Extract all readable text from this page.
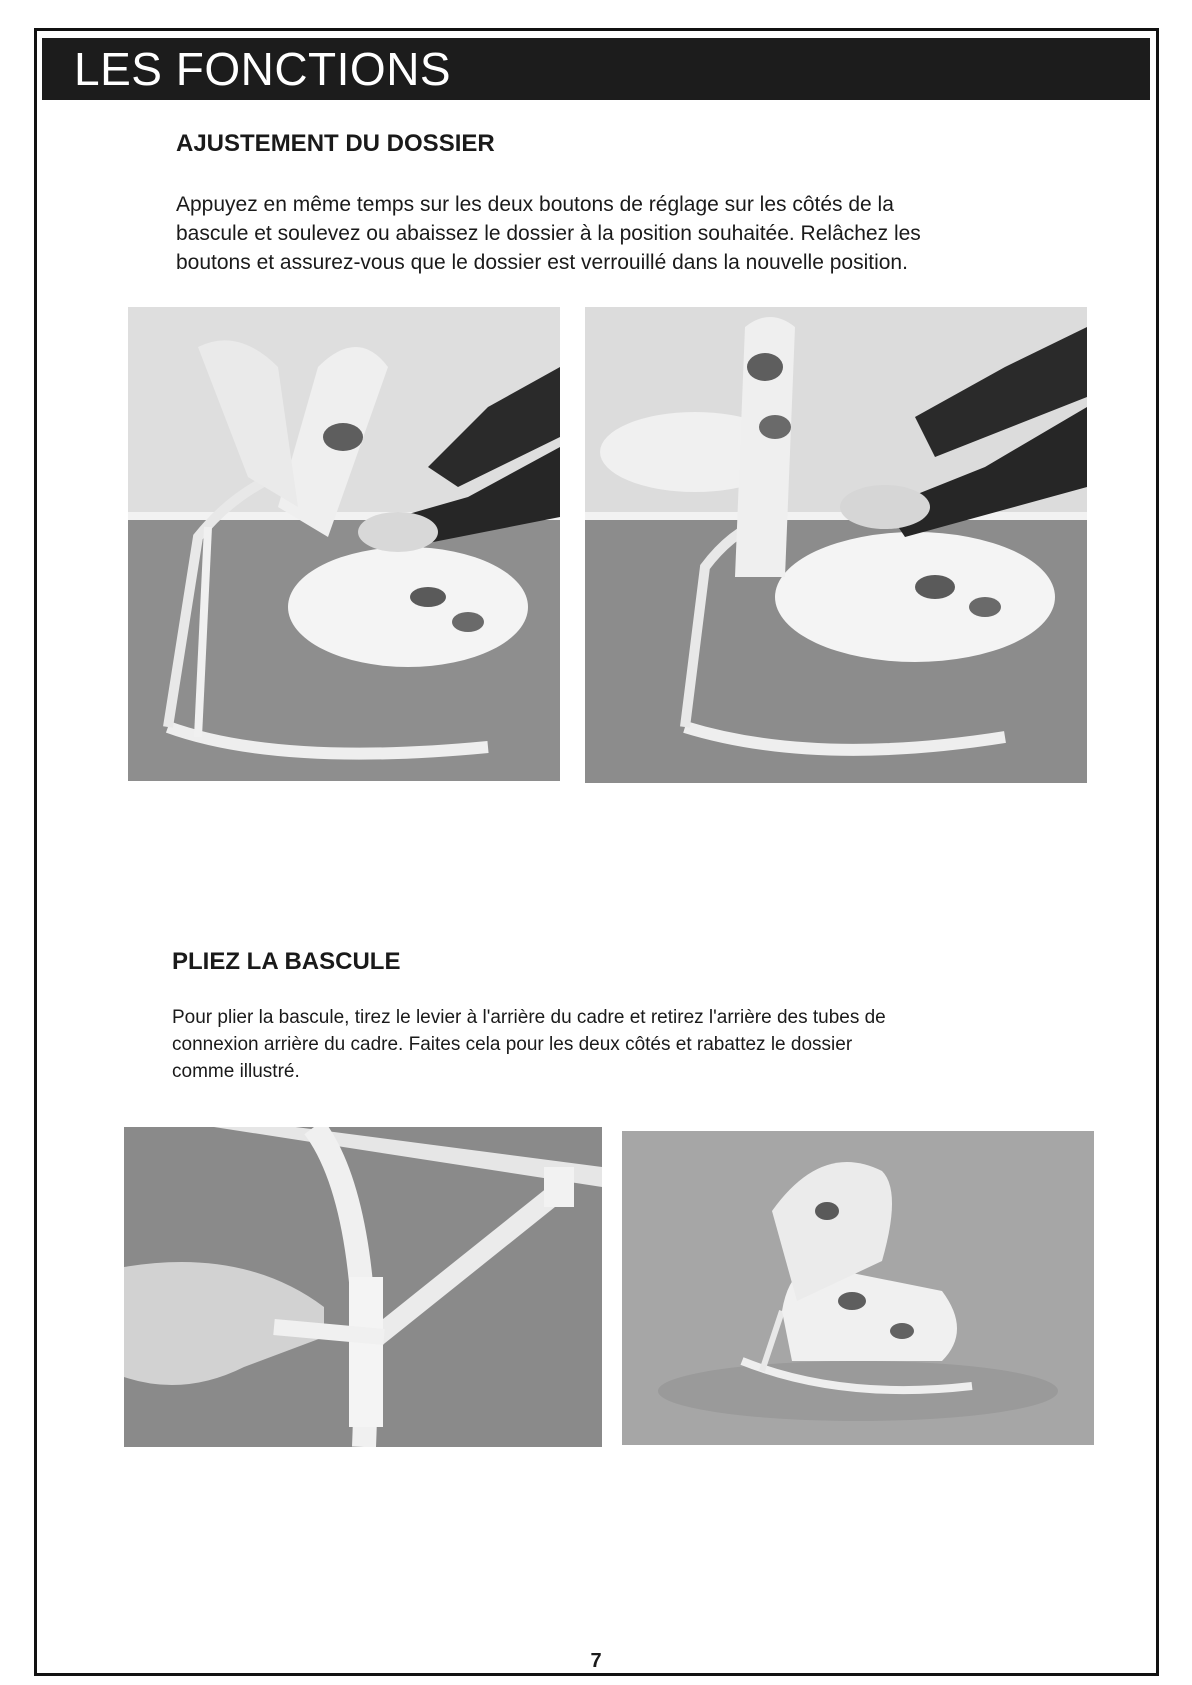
LES FONCTIONS
AJUSTEMENT DU DOSSIER
Appuyez en même temps sur les deux boutons de réglage sur les côtés de la
bascule et soulevez ou abaissez le dossier à la position souhaitée. Relâchez les
boutons et assurez-vous que le dossier est verrouillé dans la nouvelle position.
PLIEZ LA BASCULE
Pour plier la bascule, tirez le levier à l'arrière du cadre et retirez l'arrière des tubes de
connexion arrière du cadre. Faites cela pour les deux côtés et rabattez le dossier
comme illustré.
7
